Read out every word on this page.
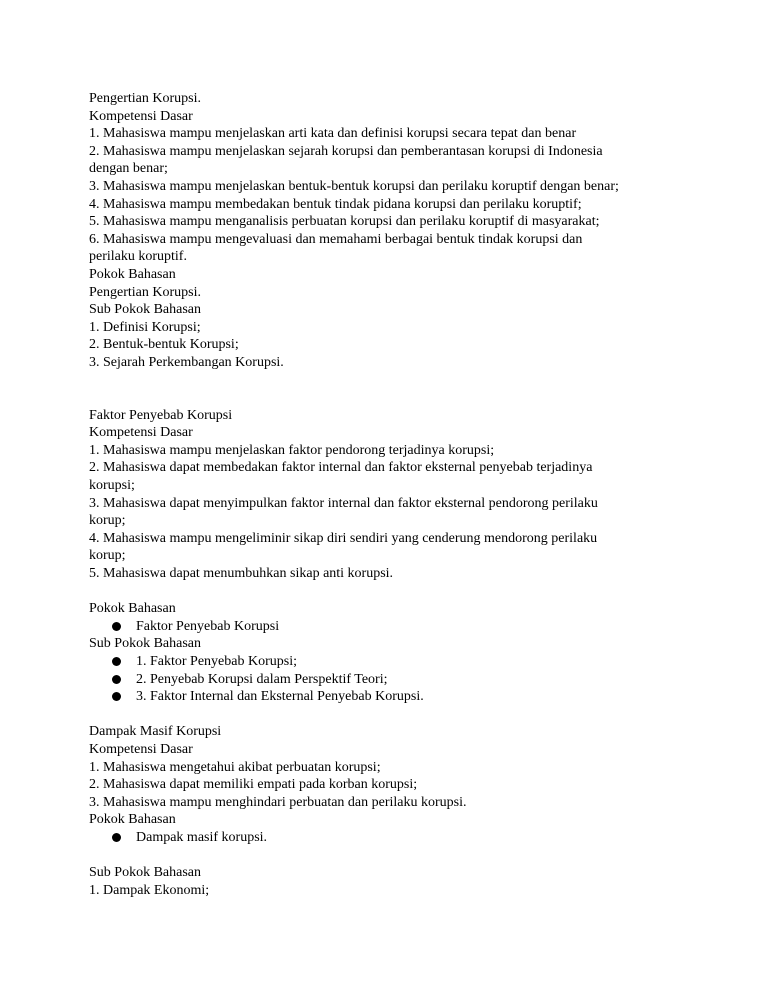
Pengertian Korupsi.
Kompetensi Dasar
1. Mahasiswa mampu menjelaskan arti kata dan definisi korupsi secara tepat dan benar
2. Mahasiswa mampu menjelaskan sejarah korupsi dan pemberantasan korupsi di Indonesia
dengan benar;
3. Mahasiswa mampu menjelaskan bentuk-bentuk korupsi dan perilaku koruptif dengan benar;
4. Mahasiswa mampu membedakan bentuk tindak pidana korupsi dan perilaku koruptif;
5. Mahasiswa mampu menganalisis perbuatan korupsi dan perilaku koruptif di masyarakat;
6. Mahasiswa mampu mengevaluasi dan memahami berbagai bentuk tindak korupsi dan
perilaku koruptif.
Pokok Bahasan
Pengertian Korupsi.
Sub Pokok Bahasan
1. Definisi Korupsi;
2. Bentuk-bentuk Korupsi;
3. Sejarah Perkembangan Korupsi.
Faktor Penyebab Korupsi
Kompetensi Dasar
1. Mahasiswa mampu menjelaskan faktor pendorong terjadinya korupsi;
2. Mahasiswa dapat membedakan faktor internal dan faktor eksternal penyebab terjadinya
korupsi;
3. Mahasiswa dapat menyimpulkan faktor internal dan faktor eksternal pendorong perilaku
korup;
4. Mahasiswa mampu mengeliminir sikap diri sendiri yang cenderung mendorong perilaku
korup;
5. Mahasiswa dapat menumbuhkan sikap anti korupsi.
Pokok Bahasan
Faktor Penyebab Korupsi
Sub Pokok Bahasan
1. Faktor Penyebab Korupsi;
2. Penyebab Korupsi dalam Perspektif Teori;
3. Faktor Internal dan Eksternal Penyebab Korupsi.
Dampak Masif Korupsi
Kompetensi Dasar
1. Mahasiswa mengetahui akibat perbuatan korupsi;
2. Mahasiswa dapat memiliki empati pada korban korupsi;
3. Mahasiswa mampu menghindari perbuatan dan perilaku korupsi.
Pokok Bahasan
Dampak masif korupsi.
Sub Pokok Bahasan
1. Dampak Ekonomi;
